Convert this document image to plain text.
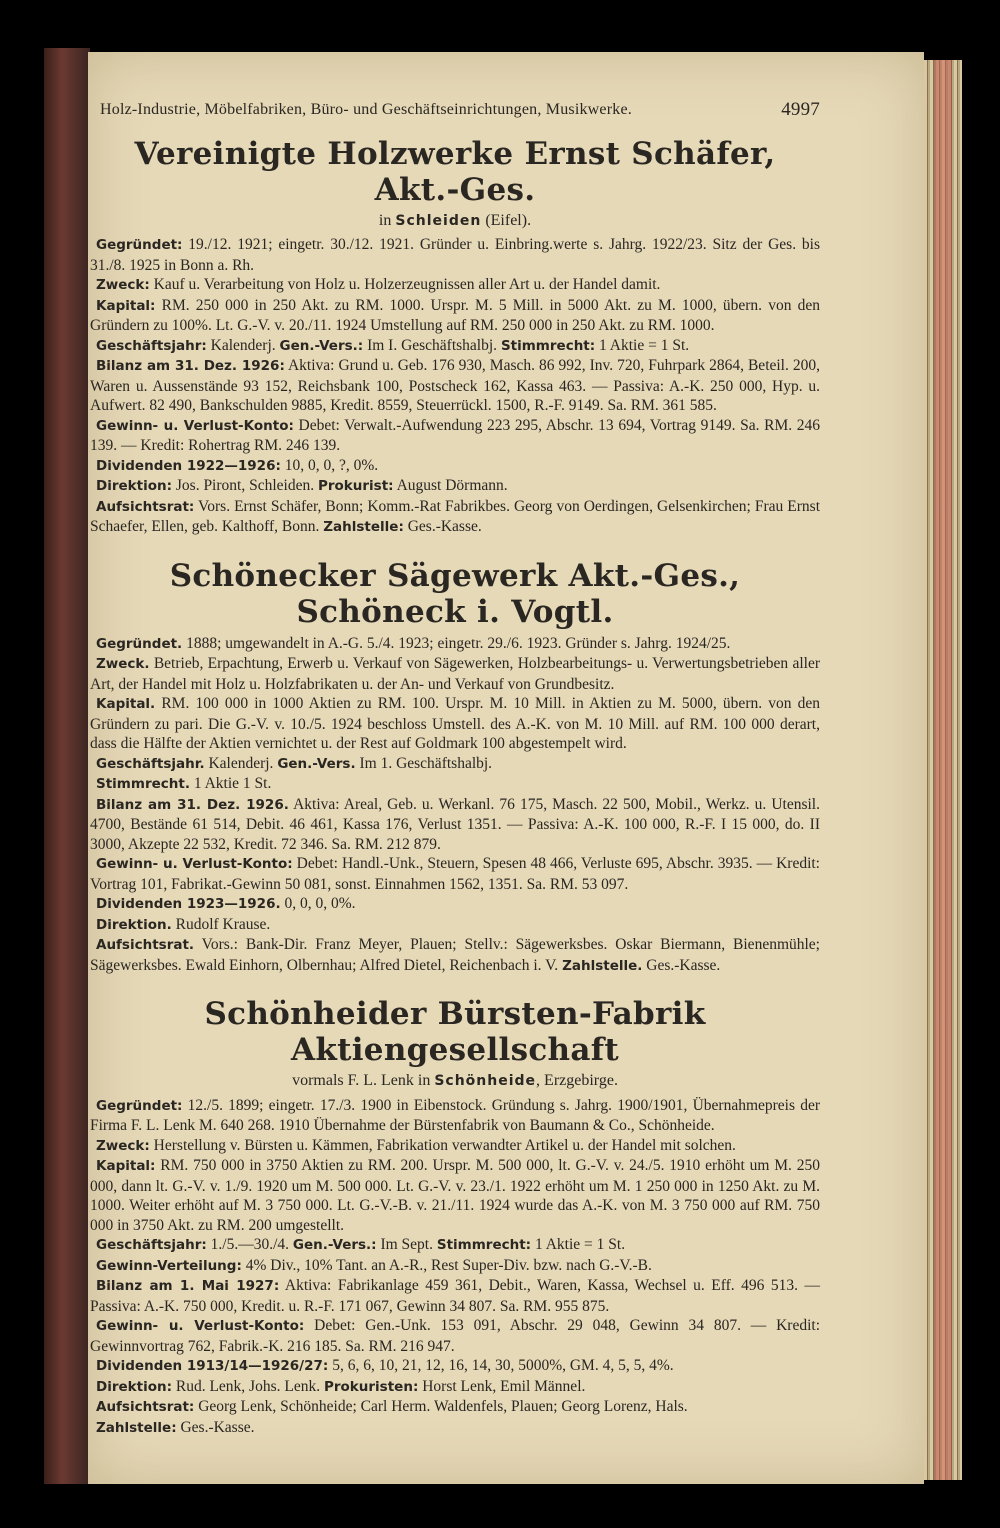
Holz-Industrie, Möbelfabriken, Büro- und Geschäftseinrichtungen, Musikwerke.	4997
Vereinigte Holzwerke Ernst Schäfer, Akt.-Ges.
in Schleiden (Eifel).

Gegründet: 19./12. 1921; eingetr. 30./12. 1921. Gründer u. Einbring.werte s. Jahrg. 1922/23. Sitz der Ges. bis 31./8. 1925 in Bonn a. Rh.

Zweck: Kauf u. Verarbeitung von Holz u. Holzerzeugnissen aller Art u. der Handel damit.

Kapital: RM. 250 000 in 250 Akt. zu RM. 1000. Urspr. M. 5 Mill. in 5000 Akt. zu M. 1000, übern. von den Gründern zu 100%. Lt. G.-V. v. 20./11. 1924 Umstellung auf RM. 250 000 in 250 Akt. zu RM. 1000.

Geschäftsjahr: Kalenderj. Gen.-Vers.: Im I. Geschäftshalbj. Stimmrecht: 1 Aktie = 1 St.

Bilanz am 31. Dez. 1926: Aktiva: Grund u. Geb. 176 930, Masch. 86 992, Inv. 720, Fuhrpark 2864, Beteil. 200, Waren u. Aussenstände 93 152, Reichsbank 100, Postscheck 162, Kassa 463. — Passiva: A.-K. 250 000, Hyp. u. Aufwert. 82 490, Bankschulden 9885, Kredit. 8559, Steuerrückl. 1500, R.-F. 9149. Sa. RM. 361 585.

Gewinn- u. Verlust-Konto: Debet: Verwalt.-Aufwendung 223 295, Abschr. 13 694, Vortrag 9149. Sa. RM. 246 139. — Kredit: Rohertrag RM. 246 139.

Dividenden 1922—1926: 10, 0, 0, ?, 0%.

Direktion: Jos. Piront, Schleiden. Prokurist: August Dörmann.

Aufsichtsrat: Vors. Ernst Schäfer, Bonn; Komm.-Rat Fabrikbes. Georg von Oerdingen, Gelsenkirchen; Frau Ernst Schaefer, Ellen, geb. Kalthoff, Bonn. Zahlstelle: Ges.-Kasse.

Schönecker Sägewerk Akt.-Ges., Schöneck i. Vogtl.

Gegründet. 1888; umgewandelt in A.-G. 5./4. 1923; eingetr. 29./6. 1923. Gründer s. Jahrg. 1924/25.

Zweck. Betrieb, Erpachtung, Erwerb u. Verkauf von Sägewerken, Holzbearbeitungs- u. Verwertungsbetrieben aller Art, der Handel mit Holz u. Holzfabrikaten u. der An- und Verkauf von Grundbesitz.

Kapital. RM. 100 000 in 1000 Aktien zu RM. 100. Urspr. M. 10 Mill. in Aktien zu M. 5000, übern. von den Gründern zu pari. Die G.-V. v. 10./5. 1924 beschloss Umstell. des A.-K. von M. 10 Mill. auf RM. 100 000 derart, dass die Hälfte der Aktien vernichtet u. der Rest auf Goldmark 100 abgestempelt wird.

Geschäftsjahr. Kalenderj. Gen.-Vers. Im 1. Geschäftshalbj.

Stimmrecht. 1 Aktie 1 St.

Bilanz am 31. Dez. 1926. Aktiva: Areal, Geb. u. Werkanl. 76 175, Masch. 22 500, Mobil., Werkz. u. Utensil. 4700, Bestände 61 514, Debit. 46 461, Kassa 176, Verlust 1351. — Passiva: A.-K. 100 000, R.-F. I 15 000, do. II 3000, Akzepte 22 532, Kredit. 72 346. Sa. RM. 212 879.

Gewinn- u. Verlust-Konto: Debet: Handl.-Unk., Steuern, Spesen 48 466, Verluste 695, Abschr. 3935. — Kredit: Vortrag 101, Fabrikat.-Gewinn 50 081, sonst. Einnahmen 1562, 1351. Sa. RM. 53 097.

Dividenden 1923—1926. 0, 0, 0, 0%.

Direktion. Rudolf Krause.

Aufsichtsrat. Vors.: Bank-Dir. Franz Meyer, Plauen; Stellv.: Sägewerksbes. Oskar Biermann, Bienenmühle; Sägewerksbes. Ewald Einhorn, Olbernhau; Alfred Dietel, Reichenbach i. V. Zahlstelle. Ges.-Kasse.

Schönheider Bürsten-Fabrik Aktiengesellschaft
vormals F. L. Lenk in Schönheide, Erzgebirge.

Gegründet: 12./5. 1899; eingetr. 17./3. 1900 in Eibenstock. Gründung s. Jahrg. 1900/1901, Übernahmepreis der Firma F. L. Lenk M. 640 268. 1910 Übernahme der Bürstenfabrik von Baumann & Co., Schönheide.

Zweck: Herstellung v. Bürsten u. Kämmen, Fabrikation verwandter Artikel u. der Handel mit solchen.

Kapital: RM. 750 000 in 3750 Aktien zu RM. 200. Urspr. M. 500 000, lt. G.-V. v. 24./5. 1910 erhöht um M. 250 000, dann lt. G.-V. v. 1./9. 1920 um M. 500 000. Lt. G.-V. v. 23./1. 1922 erhöht um M. 1 250 000 in 1250 Akt. zu M. 1000. Weiter erhöht auf M. 3 750 000. Lt. G.-V.-B. v. 21./11. 1924 wurde das A.-K. von M. 3 750 000 auf RM. 750 000 in 3750 Akt. zu RM. 200 umgestellt.

Geschäftsjahr: 1./5.—30./4. Gen.-Vers.: Im Sept. Stimmrecht: 1 Aktie = 1 St.

Gewinn-Verteilung: 4% Div., 10% Tant. an A.-R., Rest Super-Div. bzw. nach G.-V.-B.

Bilanz am 1. Mai 1927: Aktiva: Fabrikanlage 459 361, Debit., Waren, Kassa, Wechsel u. Eff. 496 513. — Passiva: A.-K. 750 000, Kredit. u. R.-F. 171 067, Gewinn 34 807. Sa. RM. 955 875.

Gewinn- u. Verlust-Konto: Debet: Gen.-Unk. 153 091, Abschr. 29 048, Gewinn 34 807. — Kredit: Gewinnvortrag 762, Fabrik.-K. 216 185. Sa. RM. 216 947.

Dividenden 1913/14—1926/27: 5, 6, 6, 10, 21, 12, 16, 14, 30, 5000%, GM. 4, 5, 5, 4%.

Direktion: Rud. Lenk, Johs. Lenk. Prokuristen: Horst Lenk, Emil Männel.

Aufsichtsrat: Georg Lenk, Schönheide; Carl Herm. Waldenfels, Plauen; Georg Lorenz, Hals.

Zahlstelle: Ges.-Kasse.
